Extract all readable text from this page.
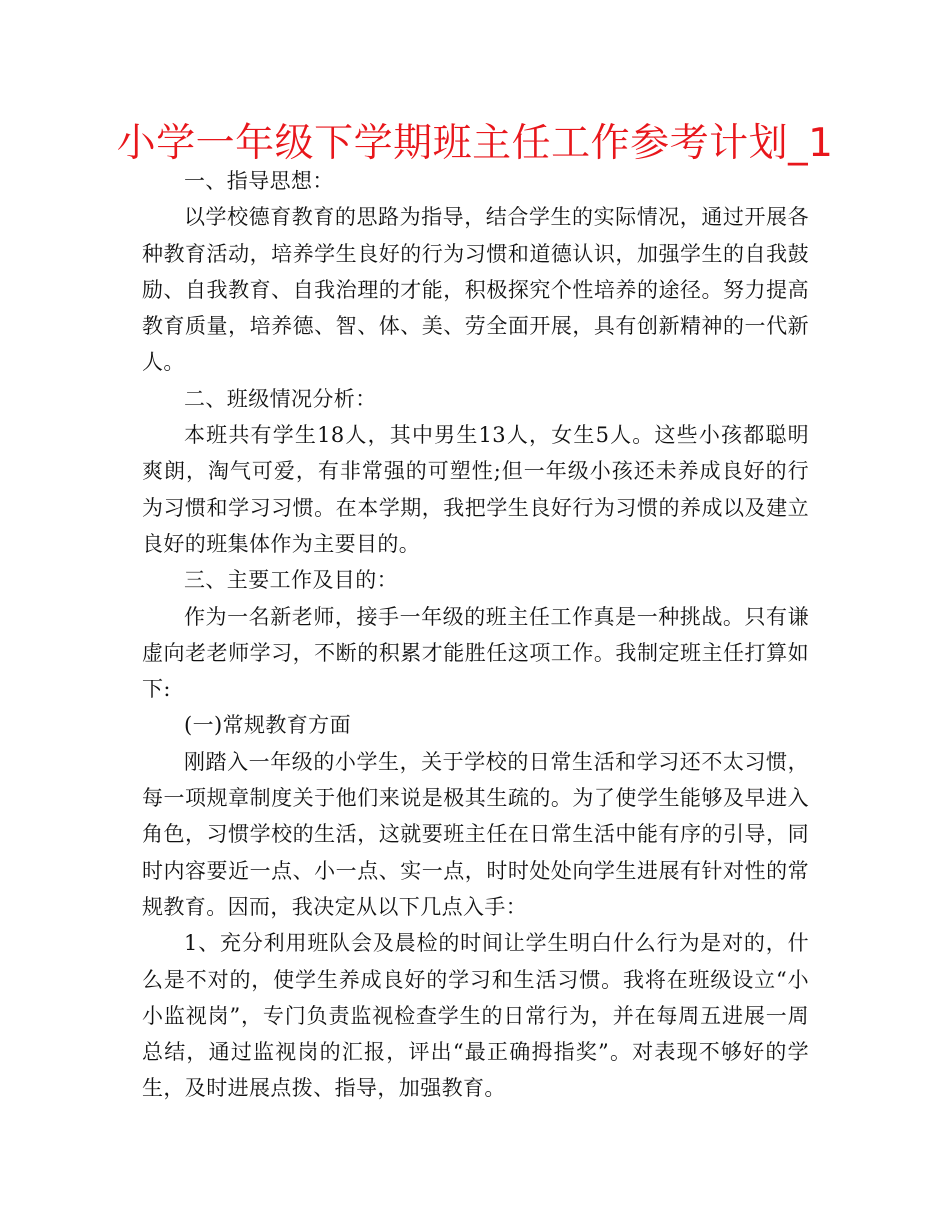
小学一年级下学期班主任工作参考计划_1

一、指导思想：

以学校德育教育的思路为指导，结合学生的实际情况，通过开展各种教育活动，培养学生良好的行为习惯和道德认识，加强学生的自我鼓励、自我教育、自我治理的才能，积极探究个性培养的途径。努力提高教育质量，培养德、智、体、美、劳全面开展，具有创新精神的一代新人。

二、班级情况分析：

本班共有学生18人，其中男生13人，女生5人。这些小孩都聪明爽朗，淘气可爱，有非常强的可塑性;但一年级小孩还未养成良好的行为习惯和学习习惯。在本学期，我把学生良好行为习惯的养成以及建立良好的班集体作为主要目的。

三、主要工作及目的：

作为一名新老师，接手一年级的班主任工作真是一种挑战。只有谦虚向老老师学习，不断的积累才能胜任这项工作。我制定班主任打算如下:

(一)常规教育方面

刚踏入一年级的小学生，关于学校的日常生活和学习还不太习惯，每一项规章制度关于他们来说是极其生疏的。为了使学生能够及早进入角色，习惯学校的生活，这就要班主任在日常生活中能有序的引导，同时内容要近一点、小一点、实一点，时时处处向学生进展有针对性的常规教育。因而，我决定从以下几点入手：

1、充分利用班队会及晨检的时间让学生明白什么行为是对的，什么是不对的，使学生养成良好的学习和生活习惯。我将在班级设立“小小监视岗”，专门负责监视检查学生的日常行为，并在每周五进展一周总结，通过监视岗的汇报，评出“最正确拇指奖”。对表现不够好的学生，及时进展点拨、指导，加强教育。
